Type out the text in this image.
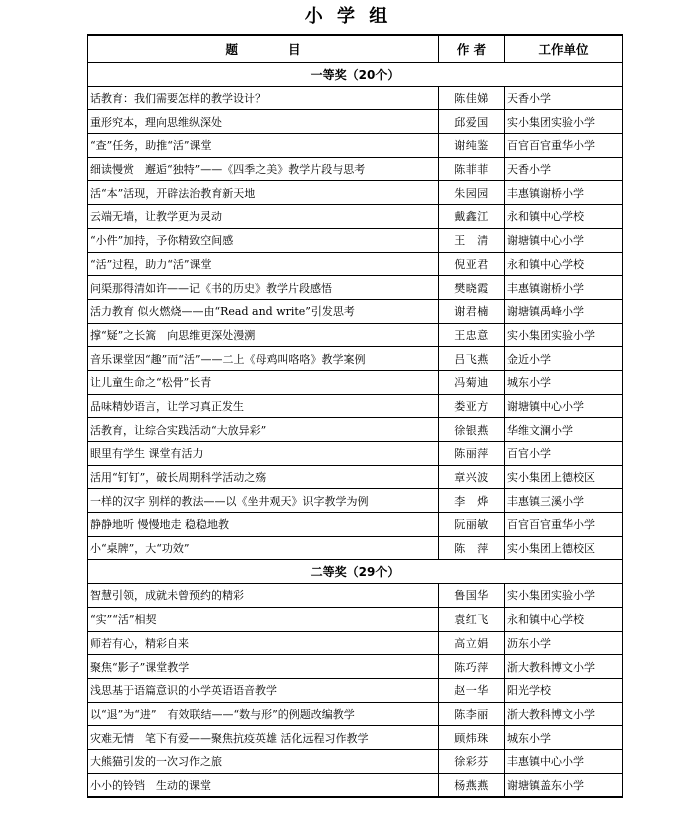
小 学 组
题　　　　目	作 者	工作单位
一等奖（20个）		
话教育：我们需要怎样的教学设计？	陈佳娣	天香小学
重形究本，理向思维纵深处	邱爱国	实小集团实验小学
“查”任务，助推“活”课堂	谢纯鉴	百官百官重华小学
细读慢赏　邂逅“独特”——《四季之美》教学片段与思考	陈菲菲	天香小学
活“本”活现，开辟法治教育新天地	朱园园	丰惠镇谢桥小学
云端无墙，让教学更为灵动	戴鑫江	永和镇中心学校
“小件”加持，予你精致空间感	王　清	谢塘镇中心小学
“活”过程，助力“活”课堂	倪亚君	永和镇中心学校
问渠那得清如许——记《书的历史》教学片段感悟	樊晓霞	丰惠镇谢桥小学
活力教育 似火燃烧——由“Read and write”引发思考	谢君楠	谢塘镇禹峰小学
撑“疑”之长篙　向思维更深处漫溯	王忠意	实小集团实验小学
音乐课堂因“趣”而“活”——二上《母鸡叫咯咯》教学案例	吕飞燕	金近小学
让儿童生命之“松骨”长青	冯菊迪	城东小学
品味精妙语言，让学习真正发生	娄亚方	谢塘镇中心小学
活教育，让综合实践活动“大放异彩”	徐银燕	华维文澜小学
眼里有学生 课堂有活力	陈丽萍	百官小学
活用“钉钉”，破长周期科学活动之殇	章兴波	实小集团上德校区
一样的汉字 别样的教法——以《坐井观天》识字教学为例	李　烨	丰惠镇三溪小学
静静地听 慢慢地走 稳稳地教	阮丽敏	百官百官重华小学
小“桌牌”，大“功效”	陈　萍	实小集团上德校区
二等奖（29个）		
智慧引领，成就未曾预约的精彩	鲁国华	实小集团实验小学
“实”“活”相契	袁红飞	永和镇中心学校
师若有心，精彩自来	高立娟	沥东小学
聚焦“影子”课堂教学	陈巧萍	浙大教科博文小学
浅思基于语篇意识的小学英语语音教学	赵一华	阳光学校
以“退”为“进”　有效联结——“数与形”的例题改编教学	陈李丽	浙大教科博文小学
灾难无情　笔下有爱——聚焦抗疫英雄 活化远程习作教学	顾炜珠	城东小学
大熊猫引发的一次习作之旅	徐彩芬	丰惠镇中心小学
小小的铃铛　生动的课堂	杨燕燕	谢塘镇盖东小学
